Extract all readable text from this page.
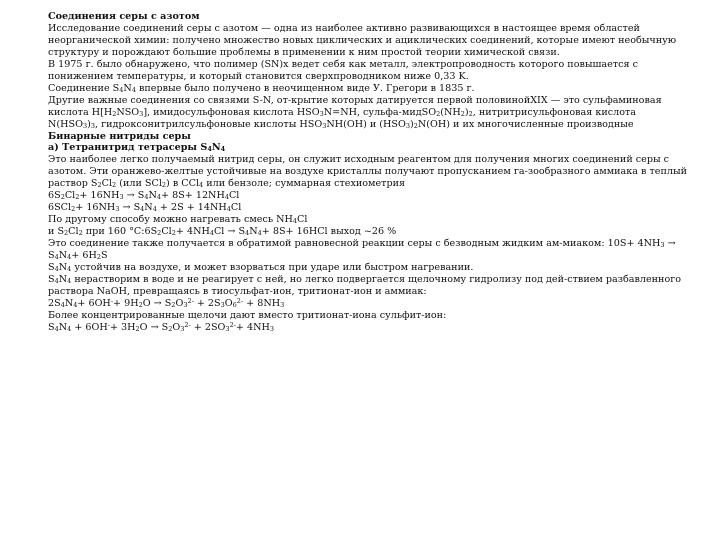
Соединения серы с азотом
Исследование соединений серы с азотом — одна из наиболее активно развивающихся в настоящее время областей
неорганической химии: получено множество новых циклических и ациклических соединений, которые имеют необычную
структуру и порождают большие проблемы в применении к ним простой теории химической связи.
В 1975 г. было обнаружено, что полимер (SN)x ведет себя как металл, электропроводность которого повышается с
понижением температуры, и который становится сверхпроводником ниже 0,33 K.
Соединение $S_4N_4$ впервые было получено в неочищенном виде У. Грегори в 1835 г.
Другие важные соединения со связями S-N, от-крытие которых датируется первой половинойXIX — это сульфаминовая
кислота $H[H_2NSO_3]$, имидосульфоновая кислота $HSO_3N=NH$, сульфа-$мидSO_2(NH_2)_2$, нитритрисульфоновая кислота
$N(HSO_3)_3$, гидроксонитрилсульфоновые кислоты $HSO_3NH(OH)$ и $(HSO_3)_2N(OH)$ и их многочисленные производные
Бинарные нитриды серы
а) Тетранитрид тетрасеры $S_4N_4$
Это наиболее легко получаемый нитрид серы, он служит исходным реагентом для получения многих соединений серы с
азотом. Эти оранжево-желтые устойчивые на воздухе кристаллы получают пропусканием га-зообразного аммиака в теплый
раствор $S_2Cl_2$ (или SCl$_2$) в CCl$_4$ или бензоле; суммарная стехиометрия
$6S_2Cl_2+ 16NH_3 \to S_4N_4+ 8S+ 12NH_4Cl$
$6SCl_2+ 16NH_3 \to S_4N_4 + 2S + 14NH_4Cl$
По другому способу можно нагревать смесь $NH_4Cl$
и $S_2Cl_2$ при 160 $^\circ C:6S_2Cl_2+ 4NH_4Cl \to S_4N_4+ 8S+ 16HCl$ выход ~26 %
Это соединение также получается в обратимой равновесной реакции серы с безводным жидким ам-миаком: $10S+ 4NH_3$ →
$S_4N_4+ 6H_2S$
$S_4N_4$ устойчив на воздухе, и может взорваться при ударе или быстром нагревании.
$S_4N_4$ нерастворим в воде и не реагирует с ней, но легко подвергается щелочному гидролизу под дей-ствием разбавленного
раствора NaOH, превращаясь в тиосульфат-ион, тритионат-ион и аммиак:
$2S_4N_4+ 6OH^-+ 9H_2O \to S_2O_3^{2-} + 2S_3O_6^{2-} + 8NH_3$
Более концентрированные щелочи дают вместо тритионат-иона сульфит-ион:
$S_4N_4 + 6OH^-+ 3H_2O \to S_2O_3^{2-} + 2SO_3^{2-}+ 4NH_3$
